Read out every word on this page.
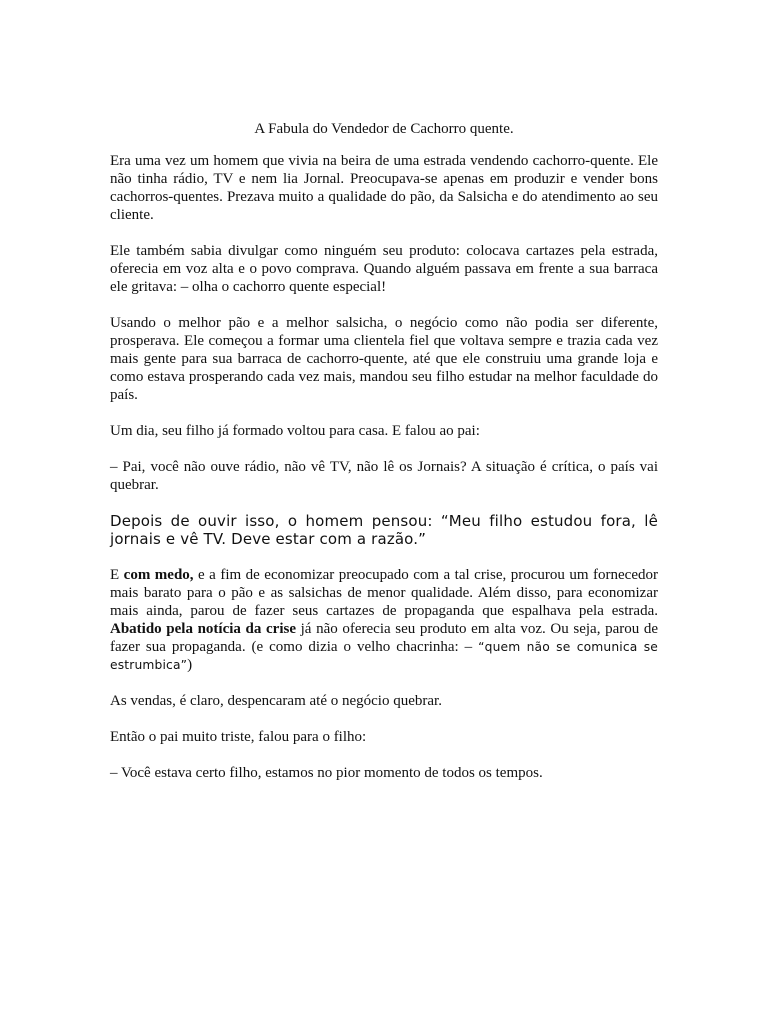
A Fabula do Vendedor de Cachorro quente.

Era uma vez um homem que vivia na beira de uma estrada vendendo cachorro-quente. Ele não tinha rádio, TV e nem lia Jornal. Preocupava-se apenas em produzir e vender bons cachorros-quentes. Prezava muito a qualidade do pão, da Salsicha e do atendimento ao seu cliente.

Ele também sabia divulgar como ninguém seu produto: colocava cartazes pela estrada, oferecia em voz alta e o povo comprava. Quando alguém passava em frente a sua barraca ele gritava: – olha o cachorro quente especial!

Usando o melhor pão e a melhor salsicha, o negócio como não podia ser diferente, prosperava. Ele começou a formar uma clientela fiel que voltava sempre e trazia cada vez mais gente para sua barraca de cachorro-quente, até que ele construiu uma grande loja e como estava prosperando cada vez mais, mandou seu filho estudar na melhor faculdade do país.

Um dia, seu filho já formado voltou para casa. E falou ao pai:

– Pai, você não ouve rádio, não vê TV, não lê os Jornais? A situação é crítica, o país vai quebrar.

Depois de ouvir isso, o homem pensou: “Meu filho estudou fora, lê jornais e vê TV. Deve estar com a razão.”

E com medo, e a fim de economizar preocupado com a tal crise, procurou um fornecedor mais barato para o pão e as salsichas de menor qualidade. Além disso, para economizar mais ainda, parou de fazer seus cartazes de propaganda que espalhava pela estrada. Abatido pela notícia da crise já não oferecia seu produto em alta voz. Ou seja, parou de fazer sua propaganda. (e como dizia o velho chacrinha: – “quem não se comunica se estrumbica”)

As vendas, é claro, despencaram até o negócio quebrar.

Então o pai muito triste, falou para o filho:

– Você estava certo filho, estamos no pior momento de todos os tempos.
